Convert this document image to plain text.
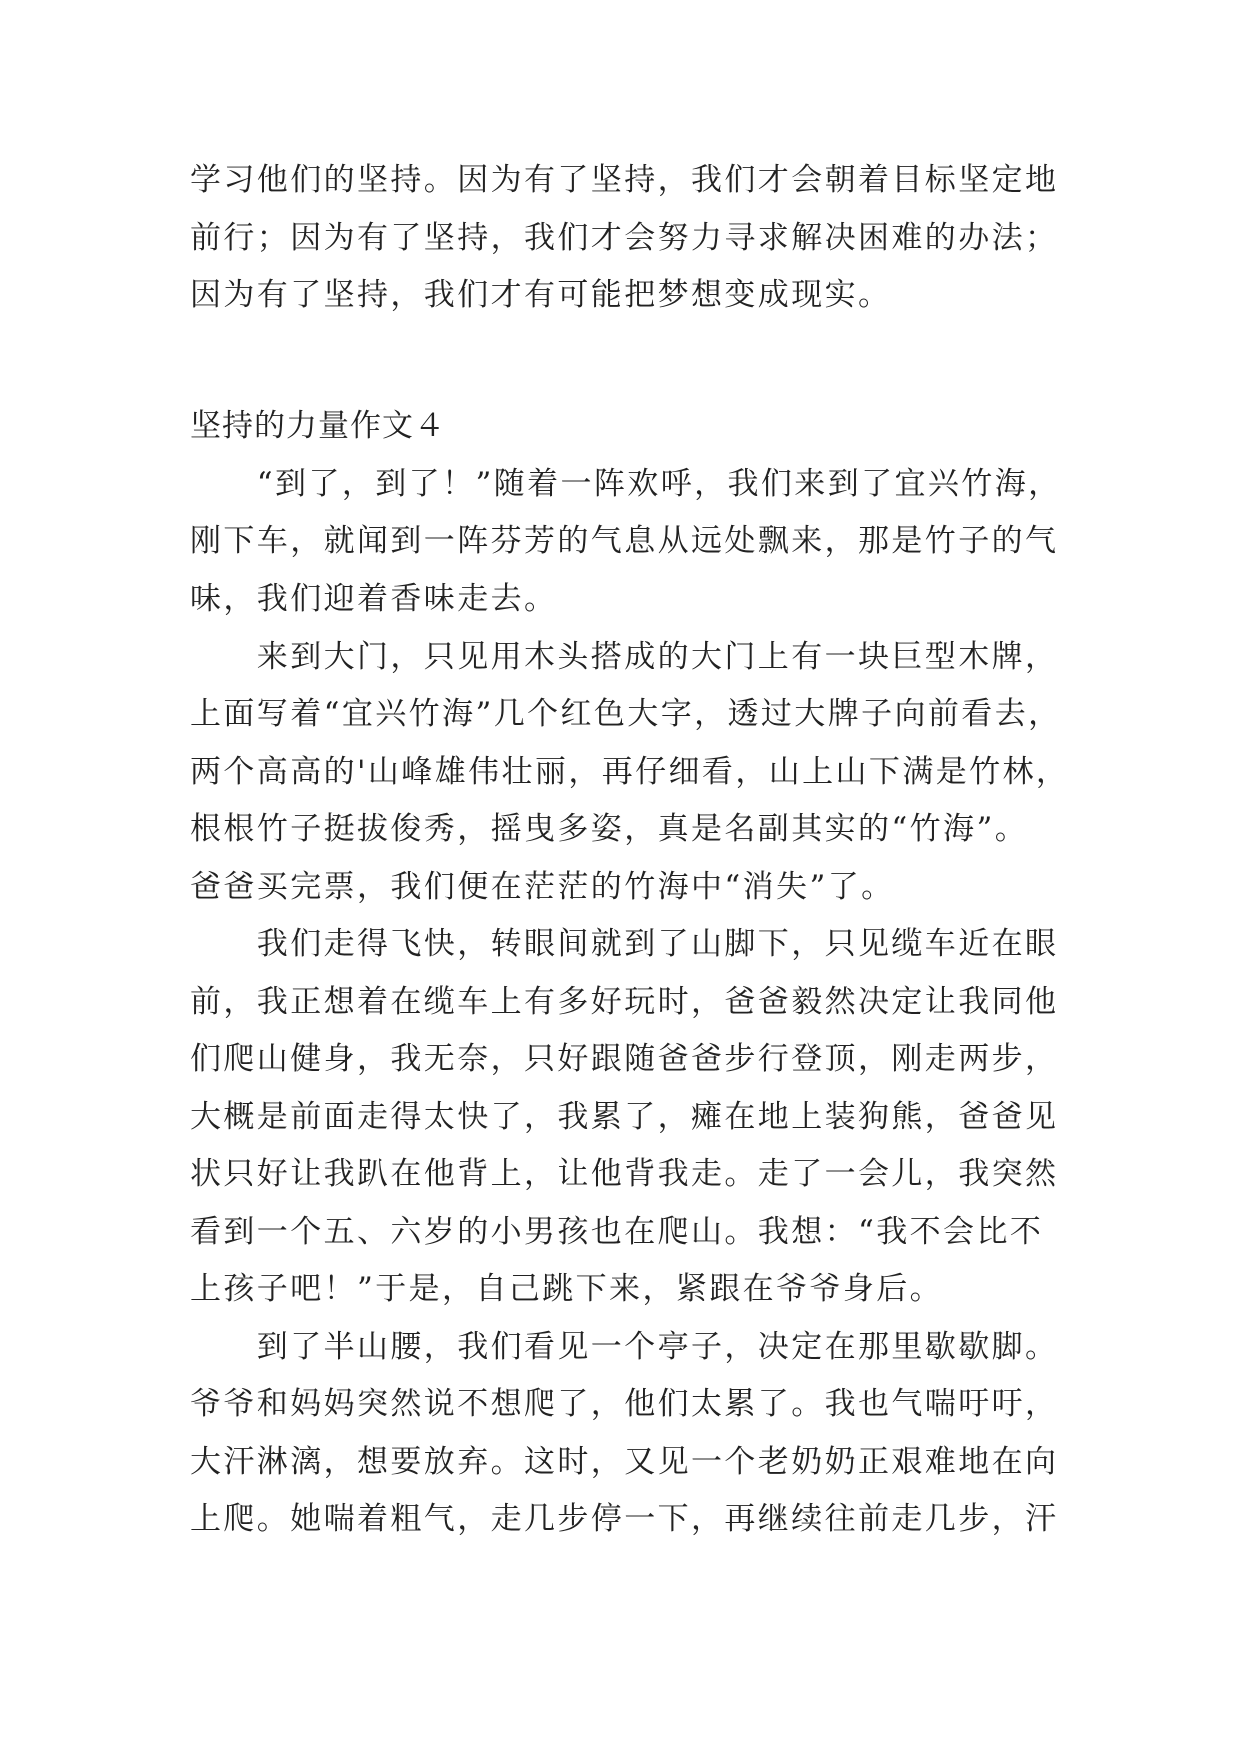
学习他们的坚持。因为有了坚持，我们才会朝着目标坚定地
前行；因为有了坚持，我们才会努力寻求解决困难的办法；
因为有了坚持，我们才有可能把梦想变成现实。
坚持的力量作文４
　　“到了，到了！”随着一阵欢呼，我们来到了宜兴竹海，
刚下车，就闻到一阵芬芳的气息从远处飘来，那是竹子的气
味，我们迎着香味走去。
　　来到大门，只见用木头搭成的大门上有一块巨型木牌，
上面写着“宜兴竹海”几个红色大字，透过大牌子向前看去，
两个高高的'山峰雄伟壮丽，再仔细看，山上山下满是竹林，
根根竹子挺拔俊秀，摇曳多姿，真是名副其实的“竹海”。
爸爸买完票，我们便在茫茫的竹海中“消失”了。
　　我们走得飞快，转眼间就到了山脚下，只见缆车近在眼
前，我正想着在缆车上有多好玩时，爸爸毅然决定让我同他
们爬山健身，我无奈，只好跟随爸爸步行登顶，刚走两步，
大概是前面走得太快了，我累了，瘫在地上装狗熊，爸爸见
状只好让我趴在他背上，让他背我走。走了一会儿，我突然
看到一个五、六岁的小男孩也在爬山。我想：“我不会比不
上孩子吧！”于是，自己跳下来，紧跟在爷爷身后。
　　到了半山腰，我们看见一个亭子，决定在那里歇歇脚。
爷爷和妈妈突然说不想爬了，他们太累了。我也气喘吁吁，
大汗淋漓，想要放弃。这时，又见一个老奶奶正艰难地在向
上爬。她喘着粗气，走几步停一下，再继续往前走几步，汗
